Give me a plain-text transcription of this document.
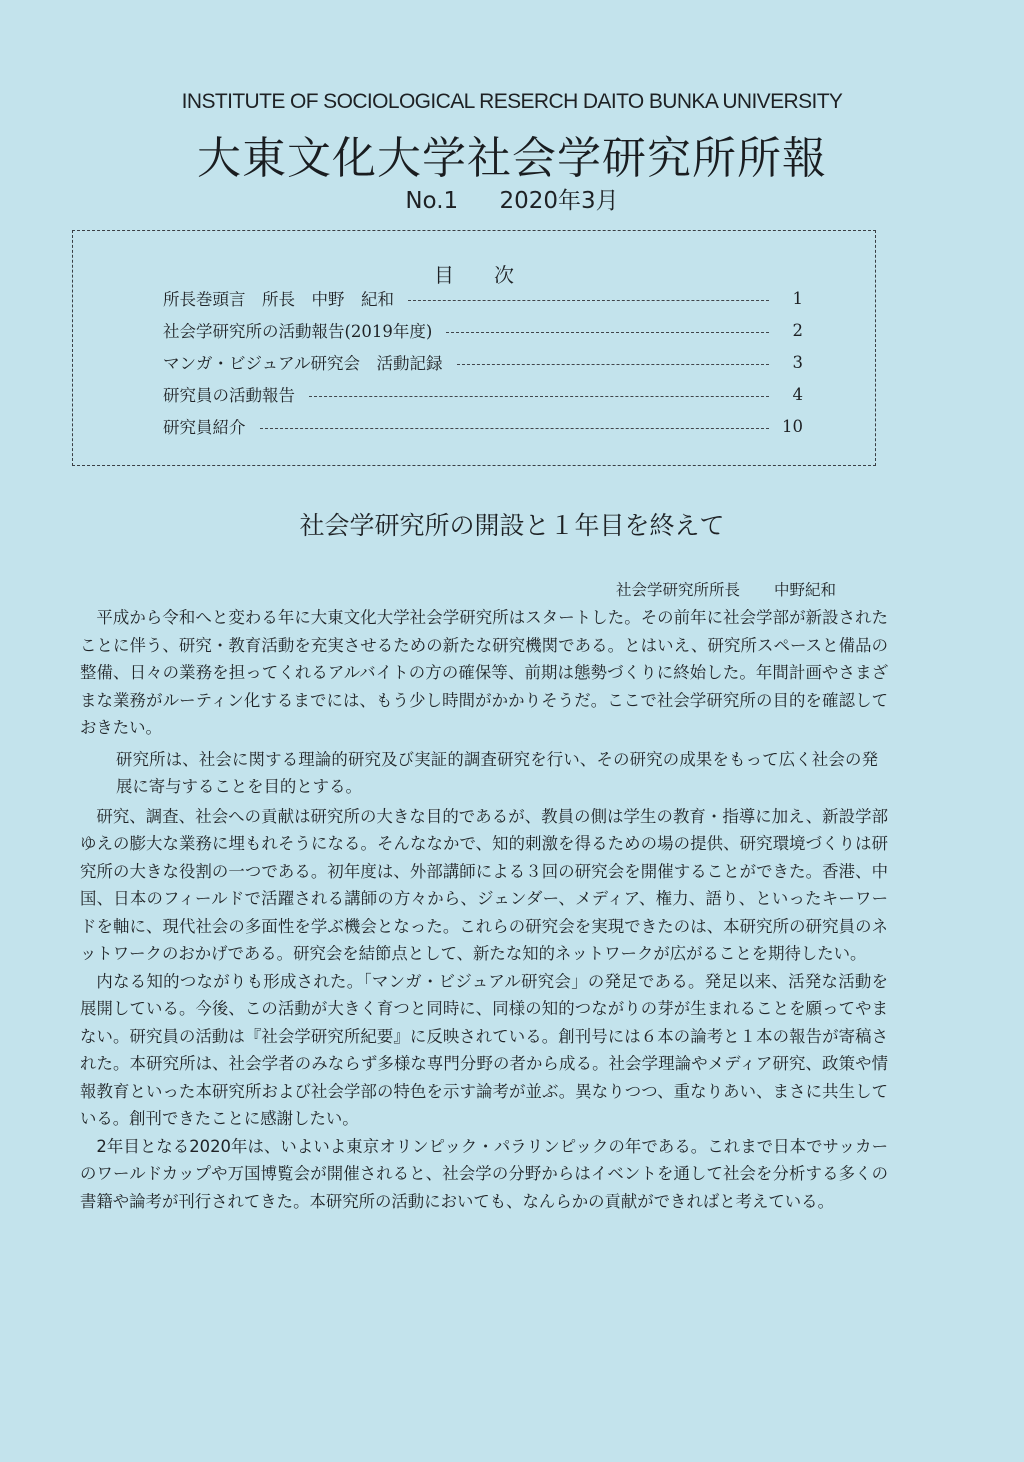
INSTITUTE OF SOCIOLOGICAL RESERCH DAITO BUNKA UNIVERSITY
大東文化大学社会学研究所所報
No.1 2020年3月
目次
所長巻頭言　所長　中野　紀和	1
社会学研究所の活動報告(2019年度)	2
マンガ・ビジュアル研究会　活動記録	3
研究員の活動報告	4
研究員紹介	10
社会学研究所の開設と１年目を終えて
社会学研究所所長 中野紀和

平成から令和へと変わる年に大東文化大学社会学研究所はスタートした。その前年に社会学部が新設されたことに伴う、研究・教育活動を充実させるための新たな研究機関である。とはいえ、研究所スペースと備品の整備、日々の業務を担ってくれるアルバイトの方の確保等、前期は態勢づくりに終始した。年間計画やさまざまな業務がルーティン化するまでには、もう少し時間がかかりそうだ。ここで社会学研究所の目的を確認しておきたい。

研究所は、社会に関する理論的研究及び実証的調査研究を行い、その研究の成果をもって広く社会の発展に寄与することを目的とする。

研究、調査、社会への貢献は研究所の大きな目的であるが、教員の側は学生の教育・指導に加え、新設学部ゆえの膨大な業務に埋もれそうになる。そんななかで、知的刺激を得るための場の提供、研究環境づくりは研究所の大きな役割の一つである。初年度は、外部講師による３回の研究会を開催することができた。香港、中国、日本のフィールドで活躍される講師の方々から、ジェンダー、メディア、権力、語り、といったキーワードを軸に、現代社会の多面性を学ぶ機会となった。これらの研究会を実現できたのは、本研究所の研究員のネットワークのおかげである。研究会を結節点として、新たな知的ネットワークが広がることを期待したい。

内なる知的つながりも形成された。「マンガ・ビジュアル研究会」の発足である。発足以来、活発な活動を展開している。今後、この活動が大きく育つと同時に、同様の知的つながりの芽が生まれることを願ってやまない。研究員の活動は『社会学研究所紀要』に反映されている。創刊号には６本の論考と１本の報告が寄稿された。本研究所は、社会学者のみならず多様な専門分野の者から成る。社会学理論やメディア研究、政策や情報教育といった本研究所および社会学部の特色を示す論考が並ぶ。異なりつつ、重なりあい、まさに共生している。創刊できたことに感謝したい。

2年目となる2020年は、いよいよ東京オリンピック・パラリンピックの年である。これまで日本でサッカーのワールドカップや万国博覧会が開催されると、社会学の分野からはイベントを通して社会を分析する多くの書籍や論考が刊行されてきた。本研究所の活動においても、なんらかの貢献ができればと考えている。
